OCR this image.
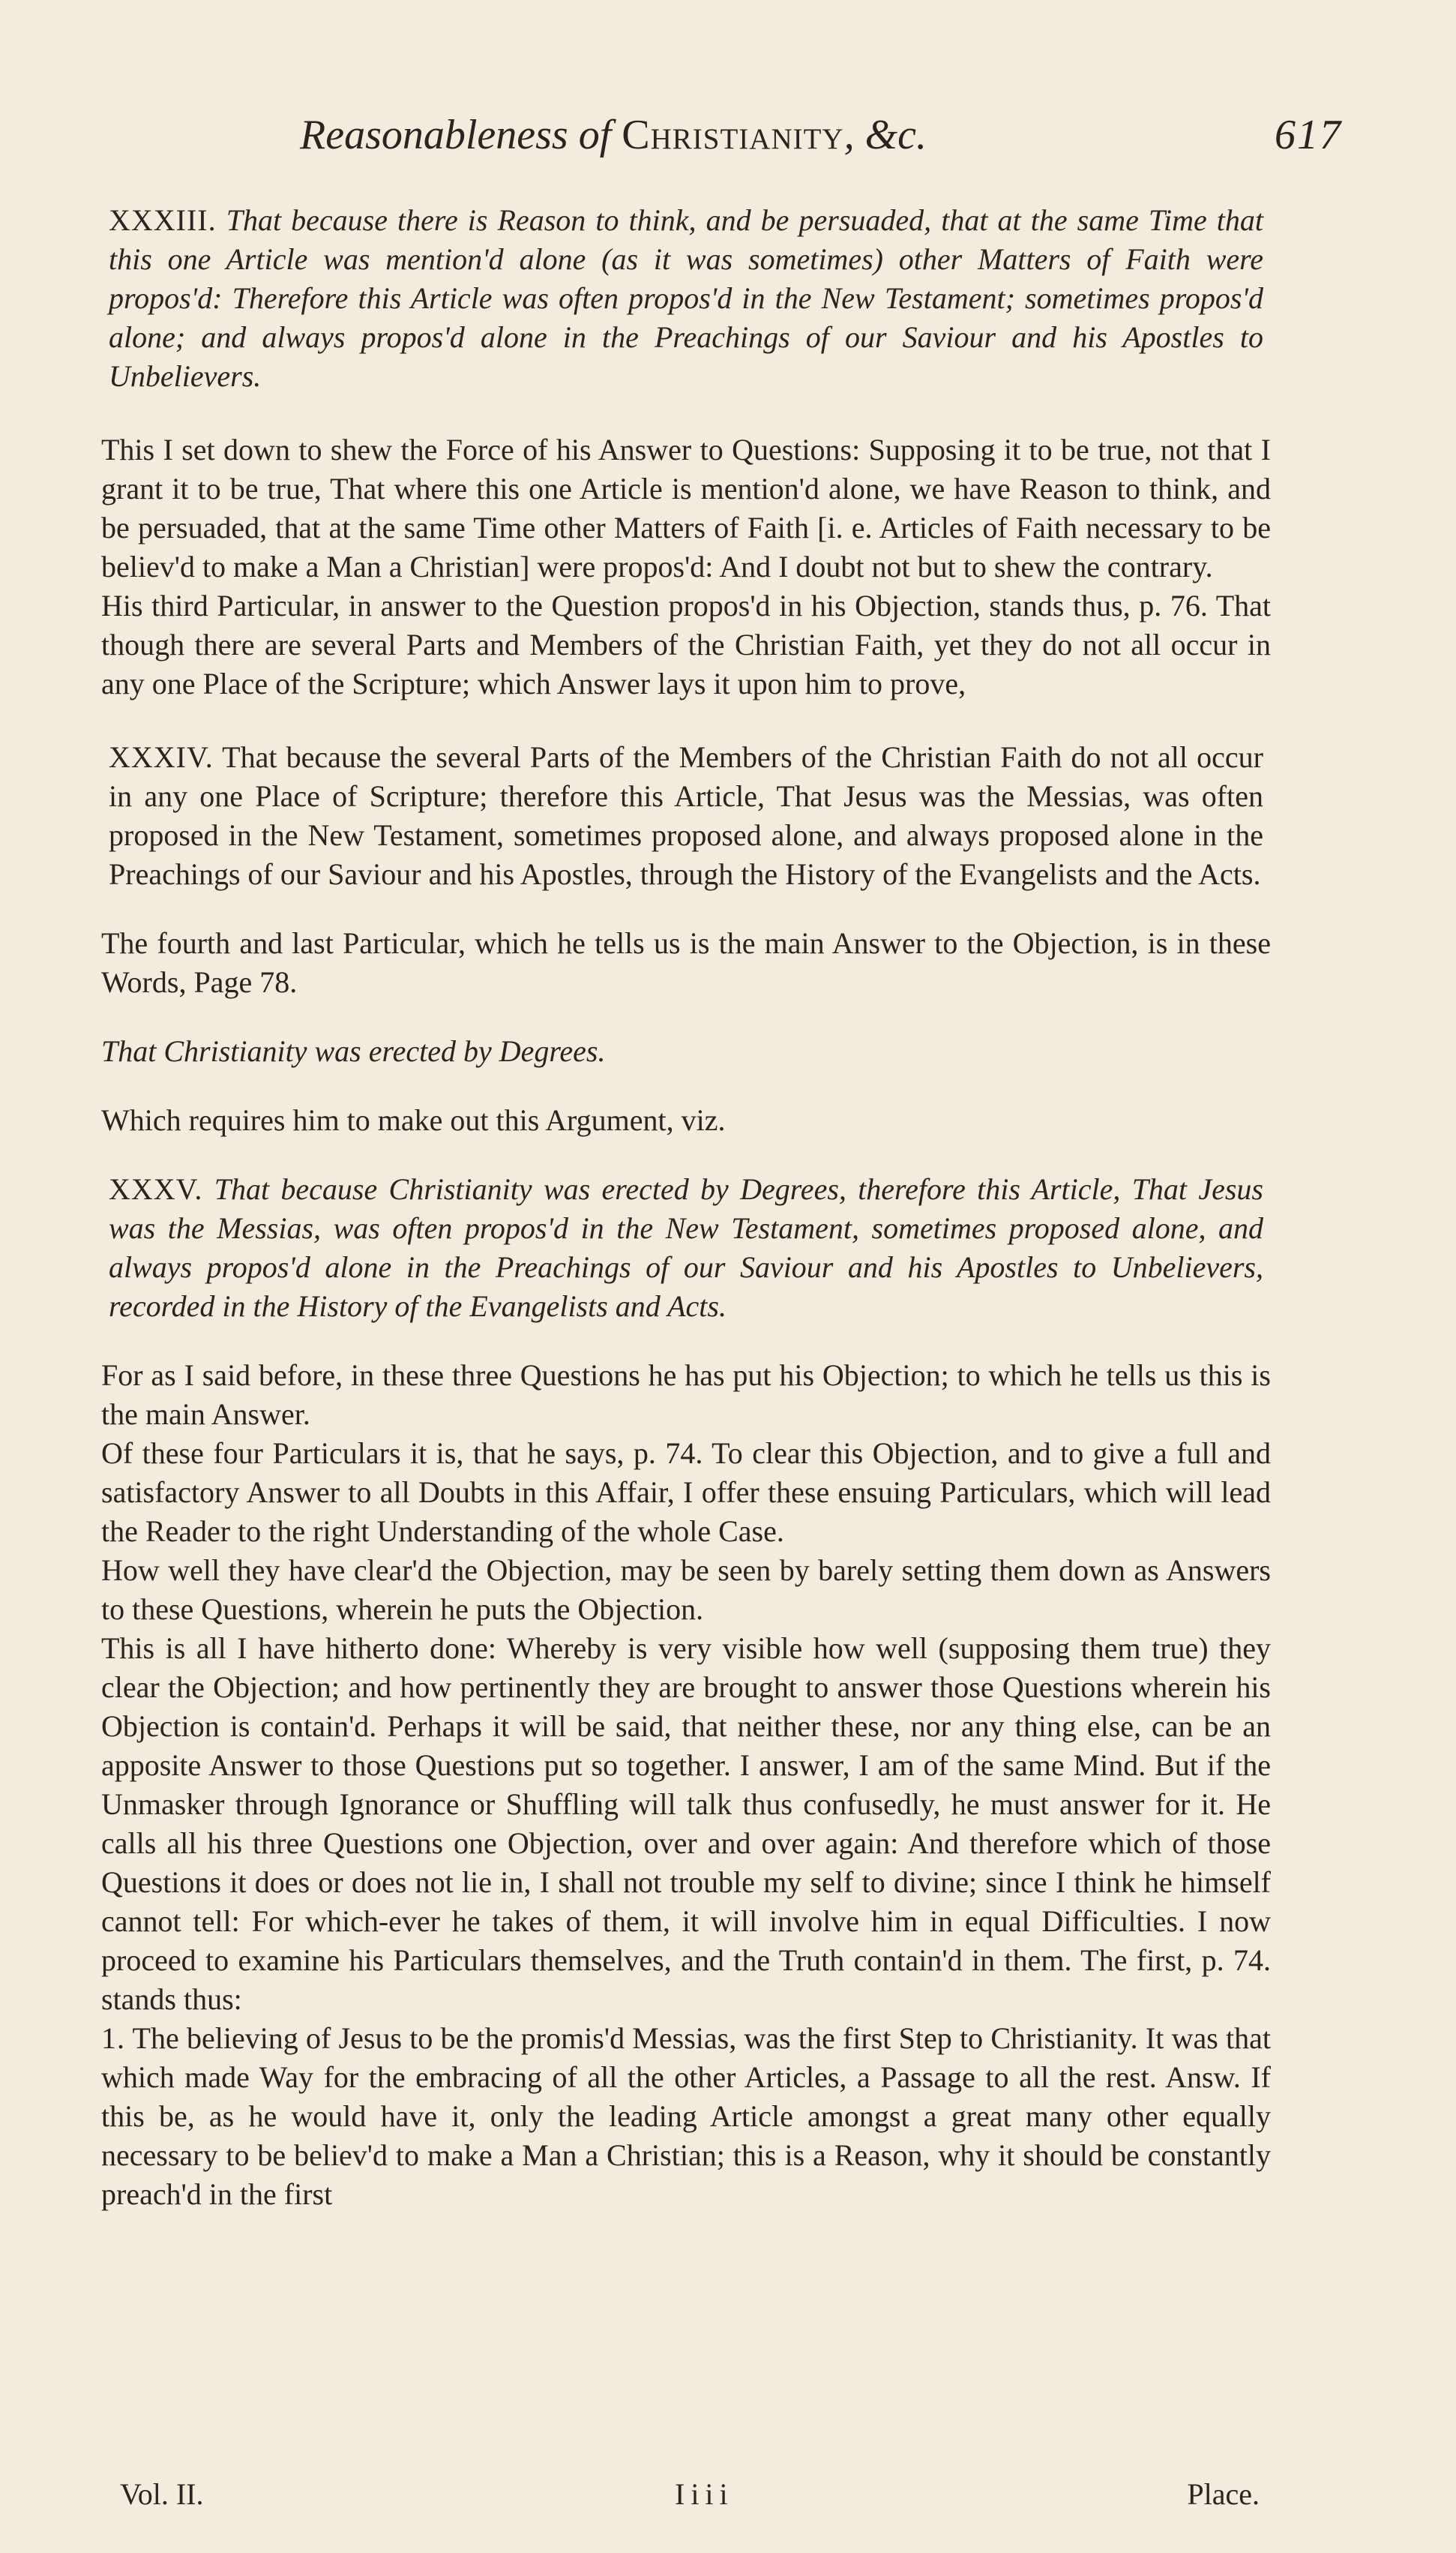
Reasonableness of Christianity, &c.	617

XXXIII. That because there is Reason to think, and be persuaded, that at the same Time that this one Article was mention'd alone (as it was sometimes) other Matters of Faith were propos'd: Therefore this Article was often propos'd in the New Testament; sometimes propos'd alone; and always propos'd alone in the Preachings of our Saviour and his Apostles to Unbelievers.

This I set down to shew the Force of his Answer to Questions: Supposing it to be true, not that I grant it to be true, That where this one Article is mention'd alone, we have Reason to think, and be persuaded, that at the same Time other Matters of Faith [i. e. Articles of Faith necessary to be believ'd to make a Man a Christian] were propos'd: And I doubt not but to shew the contrary.

His third Particular, in answer to the Question propos'd in his Objection, stands thus, p. 76. That though there are several Parts and Members of the Christian Faith, yet they do not all occur in any one Place of the Scripture; which Answer lays it upon him to prove,

XXXIV. That because the several Parts of the Members of the Christian Faith do not all occur in any one Place of Scripture; therefore this Article, That Jesus was the Messias, was often proposed in the New Testament, sometimes proposed alone, and always proposed alone in the Preachings of our Saviour and his Apostles, through the History of the Evangelists and the Acts.

The fourth and last Particular, which he tells us is the main Answer to the Objection, is in these Words, Page 78.

That Christianity was erected by Degrees.

Which requires him to make out this Argument, viz.

XXXV. That because Christianity was erected by Degrees, therefore this Article, That Jesus was the Messias, was often propos'd in the New Testament, sometimes proposed alone, and always propos'd alone in the Preachings of our Saviour and his Apostles to Unbelievers, recorded in the History of the Evangelists and Acts.

For as I said before, in these three Questions he has put his Objection; to which he tells us this is the main Answer.

Of these four Particulars it is, that he says, p. 74. To clear this Objection, and to give a full and satisfactory Answer to all Doubts in this Affair, I offer these ensuing Particulars, which will lead the Reader to the right Understanding of the whole Case.

How well they have clear'd the Objection, may be seen by barely setting them down as Answers to these Questions, wherein he puts the Objection.

This is all I have hitherto done: Whereby is very visible how well (supposing them true) they clear the Objection; and how pertinently they are brought to answer those Questions wherein his Objection is contain'd. Perhaps it will be said, that neither these, nor any thing else, can be an apposite Answer to those Questions put so together. I answer, I am of the same Mind. But if the Unmasker through Ignorance or Shuffling will talk thus confusedly, he must answer for it. He calls all his three Questions one Objection, over and over again: And therefore which of those Questions it does or does not lie in, I shall not trouble my self to divine; since I think he himself cannot tell: For which-ever he takes of them, it will involve him in equal Difficulties. I now proceed to examine his Particulars themselves, and the Truth contain'd in them. The first, p. 74. stands thus:

1. The believing of Jesus to be the promis'd Messias, was the first Step to Christianity. It was that which made Way for the embracing of all the other Articles, a Passage to all the rest. Answ. If this be, as he would have it, only the leading Article amongst a great many other equally necessary to be believ'd to make a Man a Christian; this is a Reason, why it should be constantly preach'd in the first

Vol. II.	Iiii	Place.
